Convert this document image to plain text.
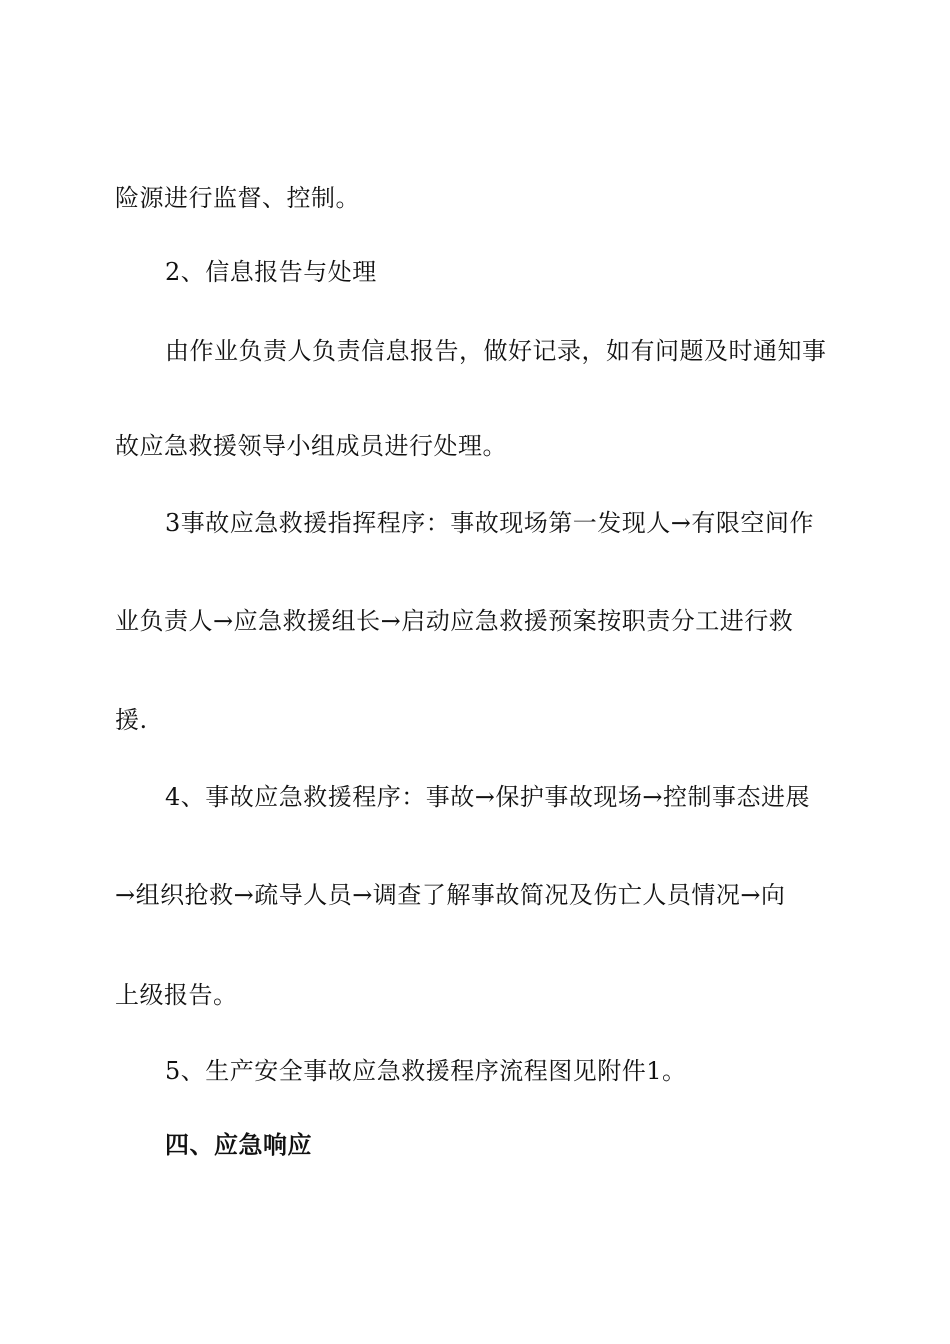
险源进行监督、控制。
2、信息报告与处理
由作业负责人负责信息报告，做好记录，如有问题及时通知事
故应急救援领导小组成员进行处理。
3事故应急救援指挥程序：事故现场第一发现人→有限空间作
业负责人→应急救援组长→启动应急救援预案按职责分工进行救
援.
4、事故应急救援程序：事故→保护事故现场→控制事态进展
→组织抢救→疏导人员→调查了解事故简况及伤亡人员情况→向
上级报告。
5、生产安全事故应急救援程序流程图见附件1。
四、应急响应
